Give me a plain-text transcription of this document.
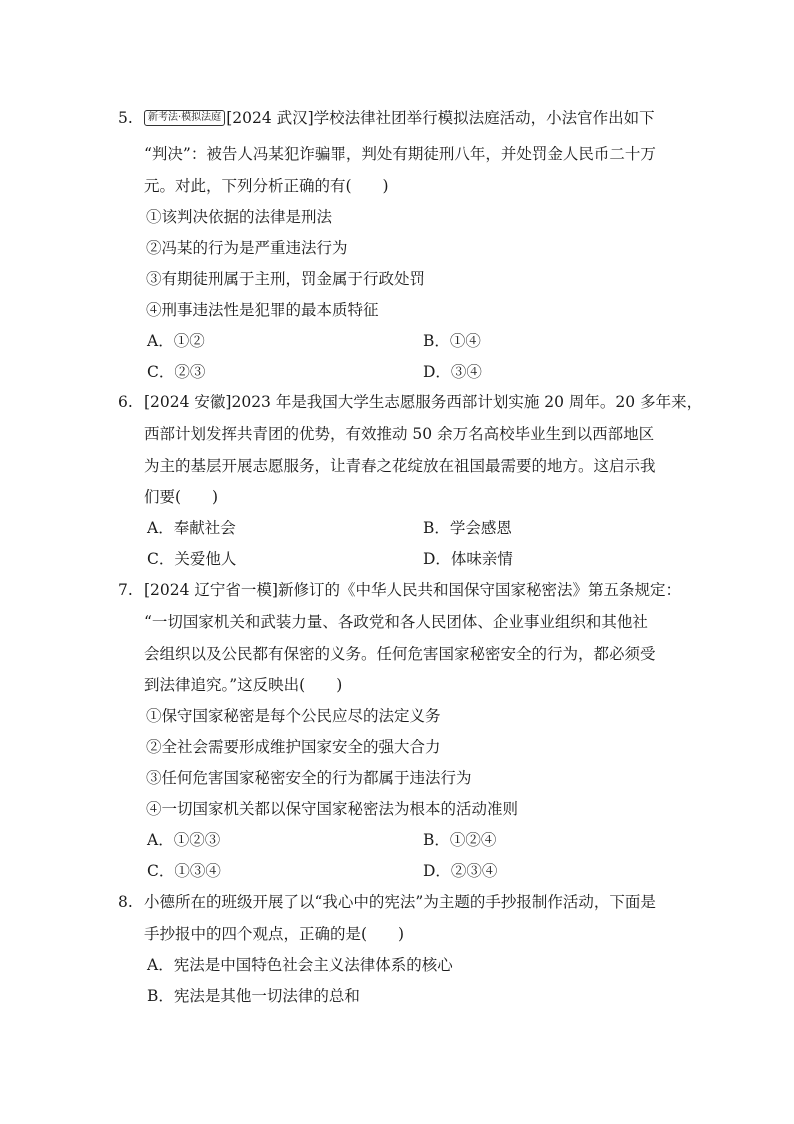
5.	新考法·模拟法庭 [2024 武汉]学校法律社团举行模拟法庭活动，小法官作出如下
“判决”：被告人冯某犯诈骗罪，判处有期徒刑八年，并处罚金人民币二十万
元。对此，下列分析正确的有(　　)
①该判决依据的法律是刑法
②冯某的行为是严重违法行为
③有期徒刑属于主刑，罚金属于行政处罚
④刑事违法性是犯罪的最本质特征
A．①②	B．①④
C．②③	D．③④
6. [2024 安徽]2023 年是我国大学生志愿服务西部计划实施 20 周年。20 多年来，
西部计划发挥共青团的优势，有效推动 50 余万名高校毕业生到以西部地区
为主的基层开展志愿服务，让青春之花绽放在祖国最需要的地方。这启示我
们要(　　)
A．奉献社会	B．学会感恩
C．关爱他人	D．体味亲情
7. [2024 辽宁省一模]新修订的《中华人民共和国保守国家秘密法》第五条规定：
“一切国家机关和武装力量、各政党和各人民团体、企业事业组织和其他社
会组织以及公民都有保密的义务。任何危害国家秘密安全的行为，都必须受
到法律追究。”这反映出(　　)
①保守国家秘密是每个公民应尽的法定义务
②全社会需要形成维护国家安全的强大合力
③任何危害国家秘密安全的行为都属于违法行为
④一切国家机关都以保守国家秘密法为根本的活动准则
A．①②③	B．①②④
C．①③④	D．②③④
8. 小德所在的班级开展了以“我心中的宪法”为主题的手抄报制作活动，下面是
手抄报中的四个观点，正确的是(　　)
A．宪法是中国特色社会主义法律体系的核心
B．宪法是其他一切法律的总和
